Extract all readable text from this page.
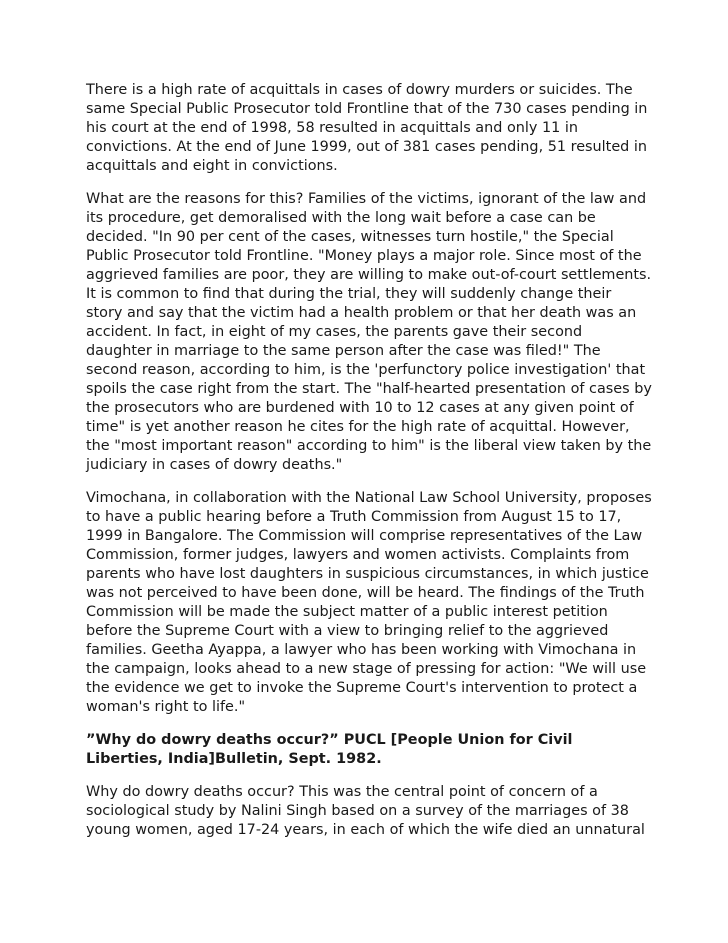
There is a high rate of acquittals in cases of dowry murders or suicides. The same Special Public Prosecutor told Frontline that of the 730 cases pending in his court at the end of 1998, 58 resulted in acquittals and only 11 in convictions. At the end of June 1999, out of 381 cases pending, 51 resulted in acquittals and eight in convictions.

What are the reasons for this? Families of the victims, ignorant of the law and its procedure, get demoralised with the long wait before a case can be decided. "In 90 per cent of the cases, witnesses turn hostile," the Special Public Prosecutor told Frontline. "Money plays a major role. Since most of the aggrieved families are poor, they are willing to make out-of-court settlements. It is common to find that during the trial, they will suddenly change their story and say that the victim had a health problem or that her death was an accident. In fact, in eight of my cases, the parents gave their second daughter in marriage to the same person after the case was filed!" The second reason, according to him, is the 'perfunctory police investigation' that spoils the case right from the start. The "half-hearted presentation of cases by the prosecutors who are burdened with 10 to 12 cases at any given point of time" is yet another reason he cites for the high rate of acquittal. However, the "most important reason" according to him" is the liberal view taken by the judiciary in cases of dowry deaths."

Vimochana, in collaboration with the National Law School University, proposes to have a public hearing before a Truth Commission from August 15 to 17, 1999 in Bangalore. The Commission will comprise representatives of the Law Commission, former judges, lawyers and women activists. Complaints from parents who have lost daughters in suspicious circumstances, in which justice was not perceived to have been done, will be heard. The findings of the Truth Commission will be made the subject matter of a public interest petition before the Supreme Court with a view to bringing relief to the aggrieved families. Geetha Ayappa, a lawyer who has been working with Vimochana in the campaign, looks ahead to a new stage of pressing for action: "We will use the evidence we get to invoke the Supreme Court's intervention to protect a woman's right to life."

”Why do dowry deaths occur?” PUCL [People Union for Civil Liberties, India]Bulletin, Sept. 1982.

Why do dowry deaths occur? This was the central point of concern of a sociological study by Nalini Singh based on a survey of the marriages of 38 young women, aged 17-24 years, in each of which the wife died an unnatural
